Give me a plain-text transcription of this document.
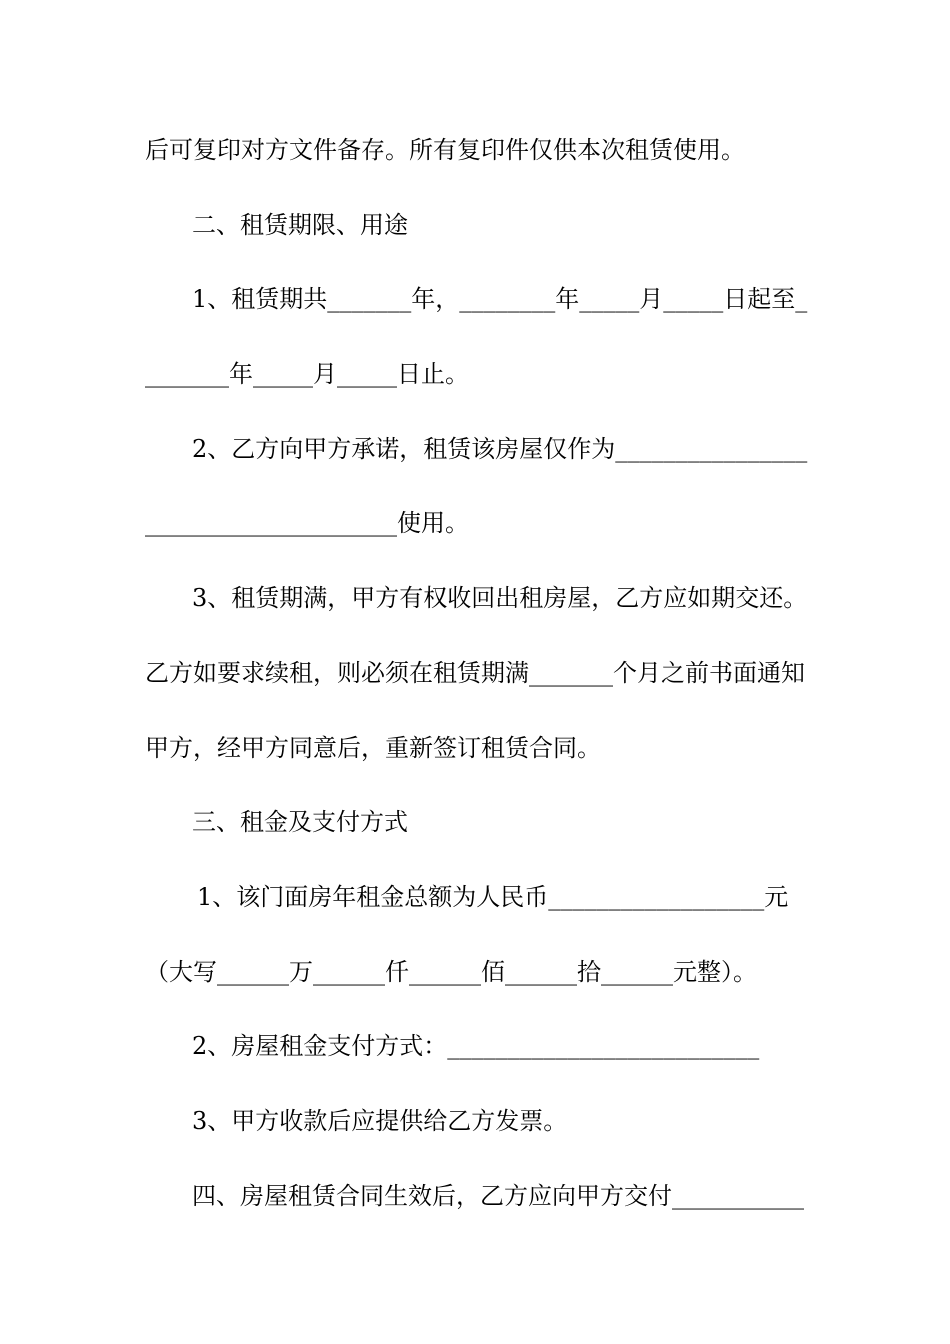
后可复印对方文件备存。所有复印件仅供本次租赁使用。
二、租赁期限、用途
1、租赁期共_______年，________年_____月_____日起至_
_______年_____月_____日止。
2、乙方向甲方承诺，租赁该房屋仅作为________________
_____________________使用。
3、租赁期满，甲方有权收回出租房屋，乙方应如期交还。
乙方如要求续租，则必须在租赁期满_______个月之前书面通知
甲方，经甲方同意后，重新签订租赁合同。
三、租金及支付方式
1、该门面房年租金总额为人民币__________________元
（大写______万______仟______佰______拾______元整）。
2、房屋租金支付方式：__________________________
3、甲方收款后应提供给乙方发票。
四、房屋租赁合同生效后，乙方应向甲方交付___________
